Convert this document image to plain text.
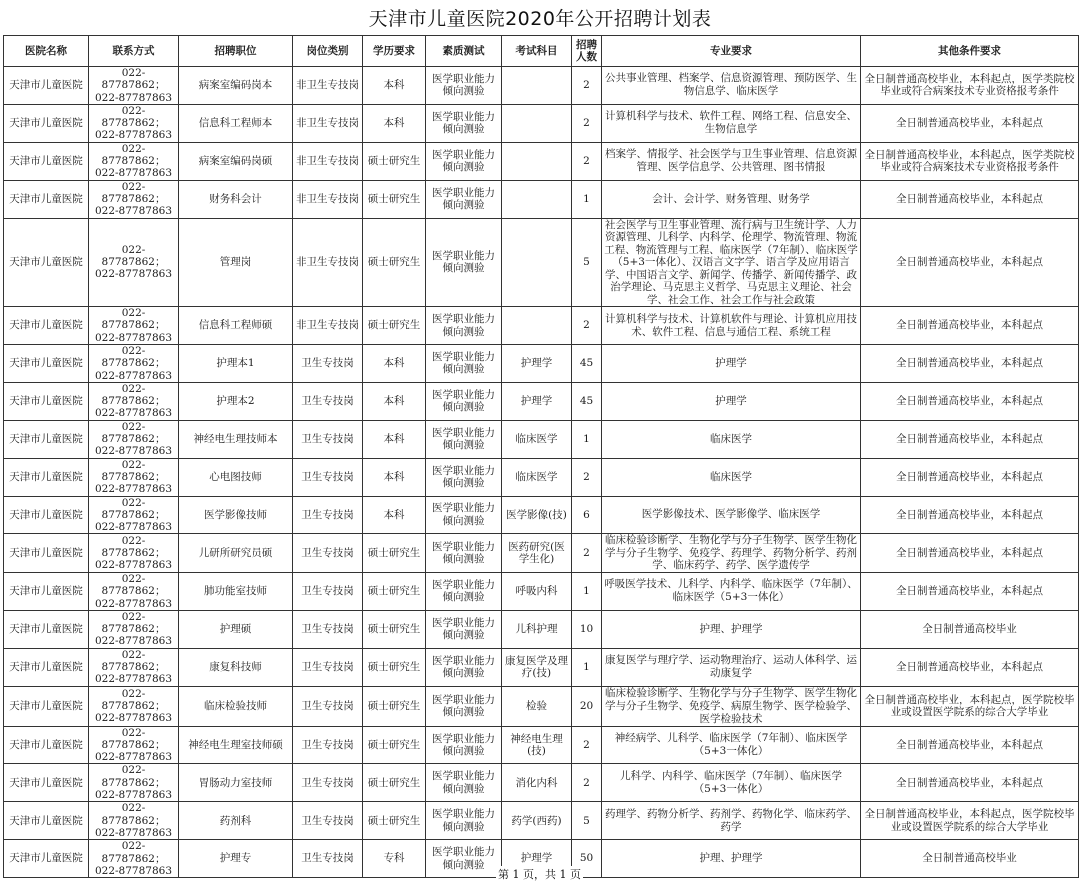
天津市儿童医院2020年公开招聘计划表
医院名称	联系方式	招聘职位	岗位类别	学历要求	素质测试	考试科目	招聘人数	专业要求	其他条件要求
天津市儿童医院	022-87787862；022-87787863	病案室编码岗本	非卫生专技岗	本科	医学职业能力倾向测验		2	公共事业管理、档案学、信息资源管理、预防医学、生物信息学、临床医学	全日制普通高校毕业，本科起点，医学类院校毕业或符合病案技术专业资格报考条件
天津市儿童医院	022-87787862；022-87787863	信息科工程师本	非卫生专技岗	本科	医学职业能力倾向测验		2	计算机科学与技术、软件工程、网络工程、信息安全、生物信息学	全日制普通高校毕业，本科起点
天津市儿童医院	022-87787862；022-87787863	病案室编码岗硕	非卫生专技岗	硕士研究生	医学职业能力倾向测验		2	档案学、情报学、社会医学与卫生事业管理、信息资源管理、医学信息学、公共管理、图书情报	全日制普通高校毕业，本科起点，医学类院校毕业或符合病案技术专业资格报考条件
天津市儿童医院	022-87787862；022-87787863	财务科会计	非卫生专技岗	硕士研究生	医学职业能力倾向测验		1	会计、会计学、财务管理、财务学	全日制普通高校毕业，本科起点
天津市儿童医院	022-87787862；022-87787863	管理岗	非卫生专技岗	硕士研究生	医学职业能力倾向测验		5	社会医学与卫生事业管理、流行病与卫生统计学、人力资源管理、儿科学、内科学、伦理学、物流管理、物流工程、物流管理与工程、临床医学（7年制）、临床医学（5+3一体化）、汉语言文字学、语言学及应用语言学、中国语言文学、新闻学、传播学、新闻传播学、政治学理论、马克思主义哲学、马克思主义理论、社会学、社会工作、社会工作与社会政策	全日制普通高校毕业，本科起点
天津市儿童医院	022-87787862；022-87787863	信息科工程师硕	非卫生专技岗	硕士研究生	医学职业能力倾向测验		2	计算机科学与技术、计算机软件与理论、计算机应用技术、软件工程、信息与通信工程、系统工程	全日制普通高校毕业，本科起点
天津市儿童医院	022-87787862；022-87787863	护理本1	卫生专技岗	本科	医学职业能力倾向测验	护理学	45	护理学	全日制普通高校毕业，本科起点
天津市儿童医院	022-87787862；022-87787863	护理本2	卫生专技岗	本科	医学职业能力倾向测验	护理学	45	护理学	全日制普通高校毕业，本科起点
天津市儿童医院	022-87787862；022-87787863	神经电生理技师本	卫生专技岗	本科	医学职业能力倾向测验	临床医学	1	临床医学	全日制普通高校毕业，本科起点
天津市儿童医院	022-87787862；022-87787863	心电图技师	卫生专技岗	本科	医学职业能力倾向测验	临床医学	2	临床医学	全日制普通高校毕业，本科起点
天津市儿童医院	022-87787862；022-87787863	医学影像技师	卫生专技岗	本科	医学职业能力倾向测验	医学影像(技)	6	医学影像技术、医学影像学、临床医学	全日制普通高校毕业，本科起点
天津市儿童医院	022-87787862；022-87787863	儿研所研究员硕	卫生专技岗	硕士研究生	医学职业能力倾向测验	医药研究(医学生化)	2	临床检验诊断学、生物化学与分子生物学、医学生物化学与分子生物学、免疫学、药理学、药物分析学、药剂学、临床药学、药学、医学遗传学	全日制普通高校毕业，本科起点
天津市儿童医院	022-87787862；022-87787863	肺功能室技师	卫生专技岗	硕士研究生	医学职业能力倾向测验	呼吸内科	1	呼吸医学技术、儿科学、内科学、临床医学（7年制）、临床医学（5+3一体化）	全日制普通高校毕业，本科起点
天津市儿童医院	022-87787862；022-87787863	护理硕	卫生专技岗	硕士研究生	医学职业能力倾向测验	儿科护理	10	护理、护理学	全日制普通高校毕业
天津市儿童医院	022-87787862；022-87787863	康复科技师	卫生专技岗	硕士研究生	医学职业能力倾向测验	康复医学及理疗(技)	1	康复医学与理疗学、运动物理治疗、运动人体科学、运动康复学	全日制普通高校毕业，本科起点
天津市儿童医院	022-87787862；022-87787863	临床检验技师	卫生专技岗	硕士研究生	医学职业能力倾向测验	检验	20	临床检验诊断学、生物化学与分子生物学、医学生物化学与分子生物学、免疫学、病原生物学、医学检验学、医学检验技术	全日制普通高校毕业，本科起点，医学院校毕业或设置医学院系的综合大学毕业
天津市儿童医院	022-87787862；022-87787863	神经电生理室技师硕	卫生专技岗	硕士研究生	医学职业能力倾向测验	神经电生理(技)	2	神经病学、儿科学、临床医学（7年制）、临床医学（5+3一体化）	全日制普通高校毕业，本科起点
天津市儿童医院	022-87787862；022-87787863	胃肠动力室技师	卫生专技岗	硕士研究生	医学职业能力倾向测验	消化内科	2	儿科学、内科学、临床医学（7年制）、临床医学（5+3一体化）	全日制普通高校毕业，本科起点
天津市儿童医院	022-87787862；022-87787863	药剂科	卫生专技岗	硕士研究生	医学职业能力倾向测验	药学(西药)	5	药理学、药物分析学、药剂学、药物化学、临床药学、药学	全日制普通高校毕业，本科起点，医学院校毕业或设置医学院系的综合大学毕业
天津市儿童医院	022-87787862；022-87787863	护理专	卫生专技岗	专科	医学职业能力倾向测验	护理学	50	护理、护理学	全日制普通高校毕业
第 1 页，共 1 页
